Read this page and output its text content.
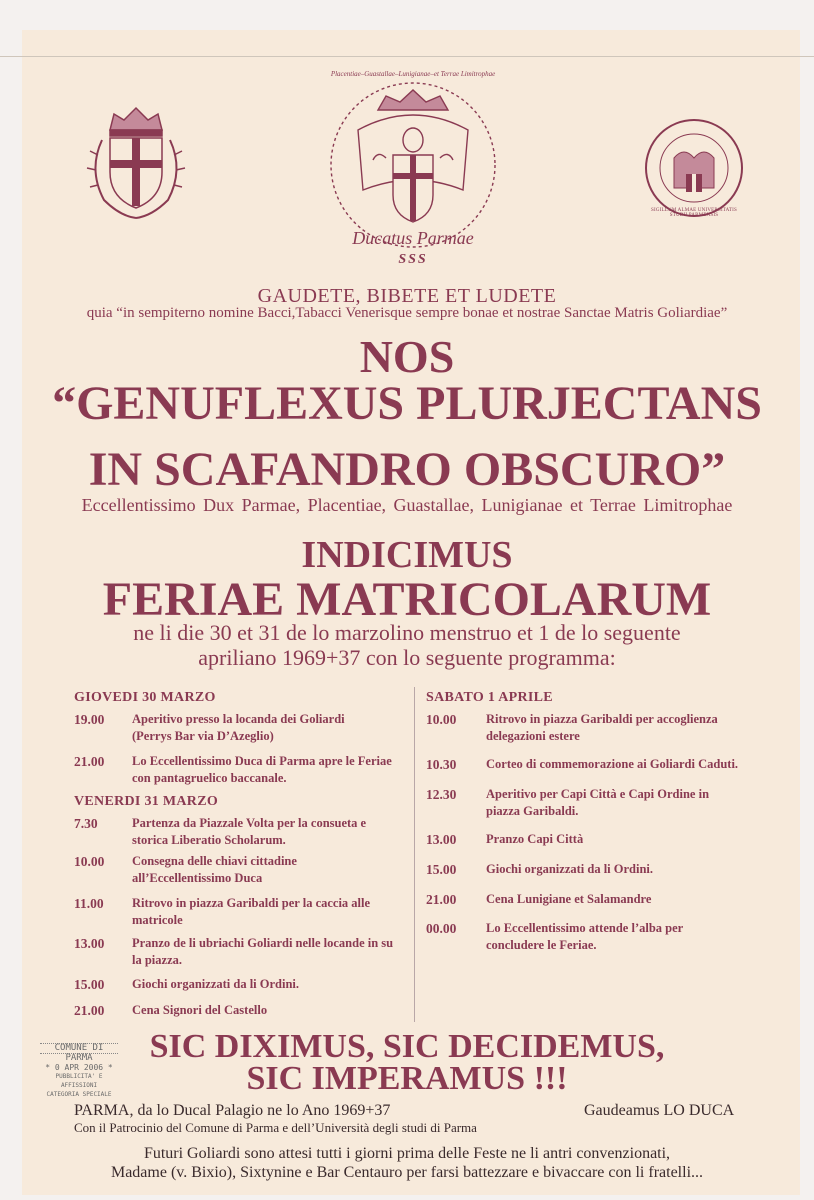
Ducatus Parmae
SSS
Placentiae–Guastallae–Lunigianae–et Terrae Limitrophae
SIGILLUM ALMAE UNIVERSITATIS STUDII PARMENSIS
GAUDETE, BIBETE ET LUDETE
quia “in sempiterno nomine Bacci,Tabacci Venerisque sempre bonae et nostrae Sanctae Matris Goliardiae”
NOS
“GENUFLEXUS PLURJECTANS
IN SCAFANDRO OBSCURO”
Eccellentissimo Dux Parmae, Placentiae, Guastallae, Lunigianae et Terrae Limitrophae
INDICIMUS
FERIAE MATRICOLARUM
ne li die 30 et 31 de lo marzolino menstruo et 1 de lo seguente
apriliano 1969+37 con lo seguente programma:
GIOVEDI 30 MARZO
19.00 Aperitivo presso la locanda dei Goliardi (Perrys Bar via D’Azeglio)
21.00 Lo Eccellentissimo Duca di Parma apre le Feriae con pantagruelico baccanale.
VENERDI 31 MARZO
7.30	Partenza da Piazzale Volta per la consueta e storica Liberatio Scholarum.
10.00 Consegna delle chiavi cittadine all’Eccellentissimo Duca
11.00 Ritrovo in piazza Garibaldi per la caccia alle matricole
13.00 Pranzo de li ubriachi Goliardi nelle locande in su la piazza.
15.00 Giochi organizzati da li Ordini.
21.00 Cena Signori del Castello
SABATO 1 APRILE
10.00 Ritrovo in piazza Garibaldi per accoglienza delegazioni estere
10.30 Corteo di commemorazione ai Goliardi Caduti.
12.30 Aperitivo per Capi Città e Capi Ordine in piazza Garibaldi.
13.00 Pranzo Capi Città
15.00 Giochi organizzati da li Ordini.
21.00 Cena Lunigiane et Salamandre
00.00 Lo Eccellentissimo attende l’alba per concludere le Feriae.
SIC DIXIMUS, SIC DECIDEMUS,
SIC IMPERAMUS !!!
COMUNE DI
PARMA
* 0 APR 2006 *
PUBBLICITA' E AFFISSIONI
CATEGORIA SPECIALE
PARMA, da lo Ducal Palagio ne lo Ano 1969+37	Gaudeamus LO DUCA
Con il Patrocinio del Comune di Parma e dell’Università degli studi di Parma
Futuri Goliardi sono attesi tutti i giorni prima delle Feste ne li antri convenzionati,
Madame (v. Bixio), Sixtynine e Bar Centauro per farsi battezzare e bivaccare con li fratelli...
